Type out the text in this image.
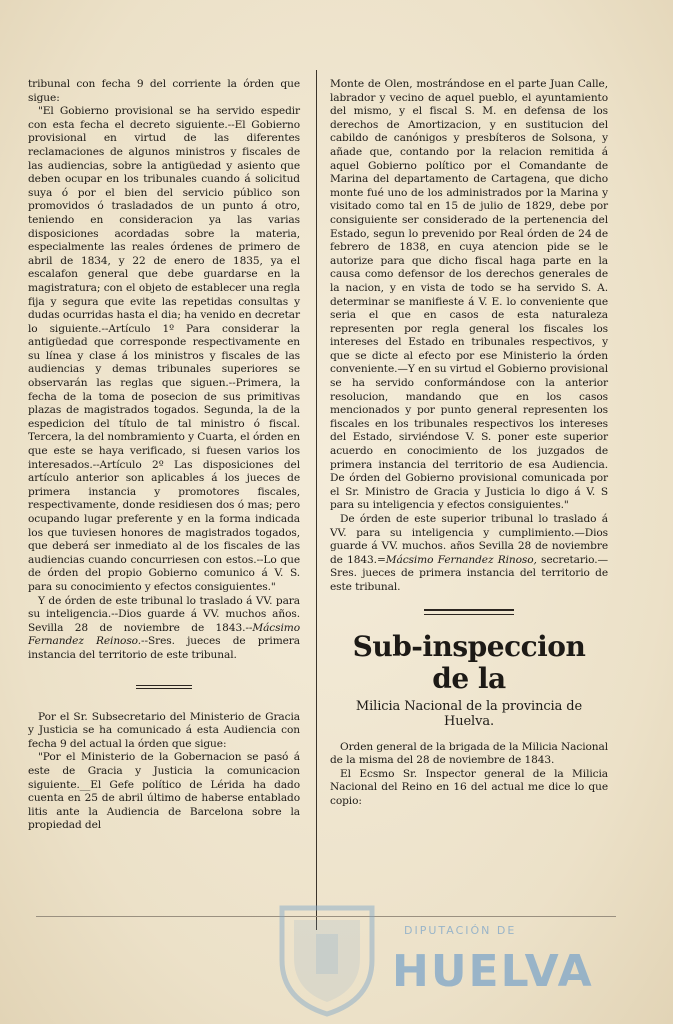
tribunal con fecha 9 del corriente la órden que sigue:

"El Gobierno provisional se ha servido espedir con esta fecha el decreto siguiente.--El Gobierno provisional en virtud de las diferentes reclamaciones de algunos ministros y fiscales de las audiencias, sobre la antigüedad y asiento que deben ocupar en los tribunales cuando á solicitud suya ó por el bien del servicio público son promovidos ó trasladados de un punto á otro, teniendo en consideracion ya las varias disposiciones acordadas sobre la materia, especialmente las reales órdenes de primero de abril de 1834, y 22 de enero de 1835, ya el escalafon general que debe guardarse en la magistratura; con el objeto de establecer una regla fija y segura que evite las repetidas consultas y dudas ocurridas hasta el dia; ha venido en decretar lo siguiente.--Artículo 1º Para considerar la antigüedad que corresponde respectivamente en su línea y clase á los ministros y fiscales de las audiencias y demas tribunales superiores se observarán las reglas que siguen.--Primera, la fecha de la toma de posecion de sus primitivas plazas de magistrados togados. Segunda, la de la espedicion del título de tal ministro ó fiscal. Tercera, la del nombramiento y Cuarta, el órden en que este se haya verificado, si fuesen varios los interesados.--Artículo 2º Las disposiciones del artículo anterior son aplicables á los jueces de primera instancia y promotores fiscales, respectivamente, donde residiesen dos ó mas; pero ocupando lugar preferente y en la forma indicada los que tuviesen honores de magistrados togados, que deberá ser inmediato al de los fiscales de las audiencias cuando concurriesen con estos.--Lo que de órden del propio Gobierno comunico á V. S. para su conocimiento y efectos consiguientes."

Y de órden de este tribunal lo traslado á VV. para su inteligencia.--Dios guarde á VV. muchos años. Sevilla 28 de noviembre de 1843.--Mácsimo Fernandez Reinoso.--Sres. jueces de primera instancia del territorio de este tribunal.

Por el Sr. Subsecretario del Ministerio de Gracia y Justicia se ha comunicado á esta Audiencia con fecha 9 del actual la órden que sigue:

"Por el Ministerio de la Gobernacion se pasó á este de Gracia y Justicia la comunicacion siguiente.__El Gefe político de Lérida ha dado cuenta en 25 de abril último de haberse entablado litis ante la Audiencia de Barcelona sobre la propiedad del

Monte de Olen, mostrándose en el parte Juan Calle, labrador y vecino de aquel pueblo, el ayuntamiento del mismo, y el fiscal S. M. en defensa de los derechos de Amortizacion, y en sustitucion del cabildo de canónigos y presbíteros de Solsona, y añade que, contando por la relacion remitida á aquel Gobierno político por el Comandante de Marina del departamento de Cartagena, que dicho monte fué uno de los administrados por la Marina y visitado como tal en 15 de julio de 1829, debe por consiguiente ser considerado de la pertenencia del Estado, segun lo prevenido por Real órden de 24 de febrero de 1838, en cuya atencion pide se le autorize para que dicho fiscal haga parte en la causa como defensor de los derechos generales de la nacion, y en vista de todo se ha servido S. A. determinar se manifieste á V. E. lo conveniente que seria el que en casos de esta naturaleza representen por regla general los fiscales los intereses del Estado en tribunales respectivos, y que se dicte al efecto por ese Ministerio la órden conveniente.—Y en su virtud el Gobierno provisional se ha servido conformándose con la anterior resolucion, mandando que en los casos mencionados y por punto general representen los fiscales en los tribunales respectivos los intereses del Estado, sirviéndose V. S. poner este superior acuerdo en conocimiento de los juzgados de primera instancia del territorio de esa Audiencia. De órden del Gobierno provisional comunicada por el Sr. Ministro de Gracia y Justicia lo digo á V. S para su inteligencia y efectos consiguientes."

De órden de este superior tribunal lo traslado á VV. para su inteligencia y cumplimiento.—Dios guarde á VV. muchos. años Sevilla 28 de noviembre de 1843.=Mácsimo Fernandez Rinoso, secretario.—Sres. jueces de primera instancia del territorio de este tribunal.

Sub-inspeccion de la
Milicia Nacional de la provincia de
Huelva.

Orden general de la brigada de la Milicia Nacional de la misma del 28 de noviembre de 1843.

El Ecsmo Sr. Inspector general de la Milicia Nacional del Reino en 16 del actual me dice lo que copio:

DIPUTACIÓN DE
HUELVA
